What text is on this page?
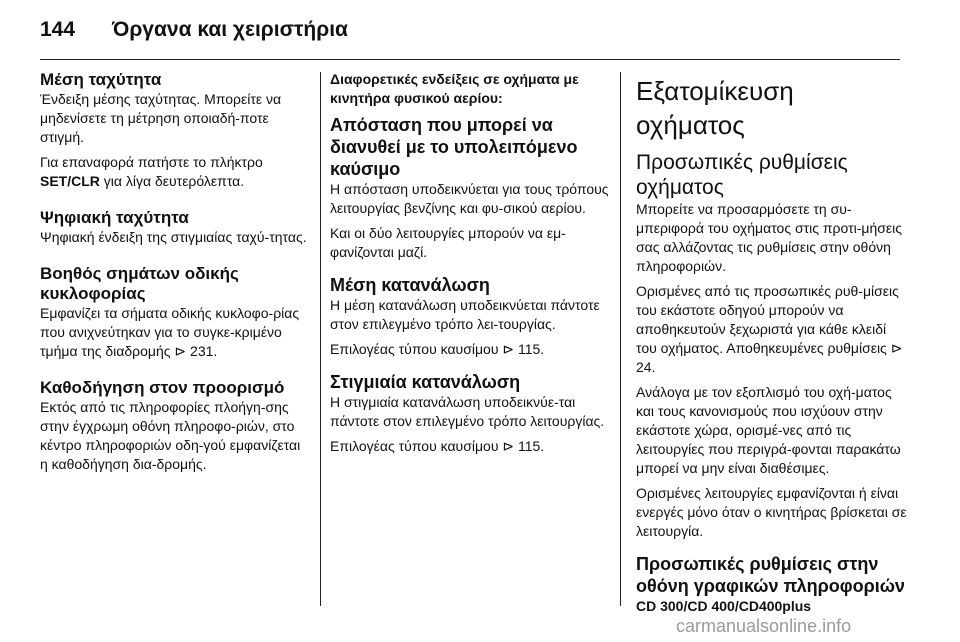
144 Όργανα και χειριστήρια
Μέση ταχύτητα

Ένδειξη μέσης ταχύτητας. Μπορείτε να μηδενίσετε τη μέτρηση οποιαδή-ποτε στιγμή.

Για επαναφορά πατήστε το πλήκτρο SET/CLR για λίγα δευτερόλεπτα.

Ψηφιακή ταχύτητα

Ψηφιακή ένδειξη της στιγμιαίας ταχύ-τητας.

Βοηθός σημάτων οδικής κυκλοφορίας

Εμφανίζει τα σήματα οδικής κυκλοφο-ρίας που ανιχνεύτηκαν για το συγκε-κριμένο τμήμα της διαδρομής ⊳ 231.

Καθοδήγηση στον προορισμό

Εκτός από τις πληροφορίες πλοήγη-σης στην έγχρωμη οθόνη πληροφο-ριών, στο κέντρο πληροφοριών οδη-γού εμφανίζεται η καθοδήγηση δια-δρομής.

Διαφορετικές ενδείξεις σε οχήματα με κινητήρα φυσικού αερίου:

Απόσταση που μπορεί να διανυθεί με το υπολειπόμενο καύσιμο

Η απόσταση υποδεικνύεται για τους τρόπους λειτουργίας βενζίνης και φυ-σικού αερίου.

Και οι δύο λειτουργίες μπορούν να εμ-φανίζονται μαζί.

Μέση κατανάλωση

Η μέση κατανάλωση υποδεικνύεται πάντοτε στον επιλεγμένο τρόπο λει-τουργίας.

Επιλογέας τύπου καυσίμου ⊳ 115.

Στιγμιαία κατανάλωση

Η στιγμιαία κατανάλωση υποδεικνύε-ται πάντοτε στον επιλεγμένο τρόπο λειτουργίας.

Επιλογέας τύπου καυσίμου ⊳ 115.

Εξατομίκευση οχήματος
Προσωπικές ρυθμίσεις οχήματος

Μπορείτε να προσαρμόσετε τη συ-μπεριφορά του οχήματος στις προτι-μήσεις σας αλλάζοντας τις ρυθμίσεις στην οθόνη πληροφοριών.

Ορισμένες από τις προσωπικές ρυθ-μίσεις του εκάστοτε οδηγού μπορούν να αποθηκευτούν ξεχωριστά για κάθε κλειδί του οχήματος. Αποθηκευμένες ρυθμίσεις ⊳ 24.

Ανάλογα με τον εξοπλισμό του οχή-ματος και τους κανονισμούς που ισχύουν στην εκάστοτε χώρα, ορισμέ-νες από τις λειτουργίες που περιγρά-φονται παρακάτω μπορεί να μην είναι διαθέσιμες.

Ορισμένες λειτουργίες εμφανίζονται ή είναι ενεργές μόνο όταν ο κινητήρας βρίσκεται σε λειτουργία.

Προσωπικές ρυθμίσεις στην οθόνη γραφικών πληροφοριών

CD 300/CD 400/CD400plus

carmanualsonline.info
